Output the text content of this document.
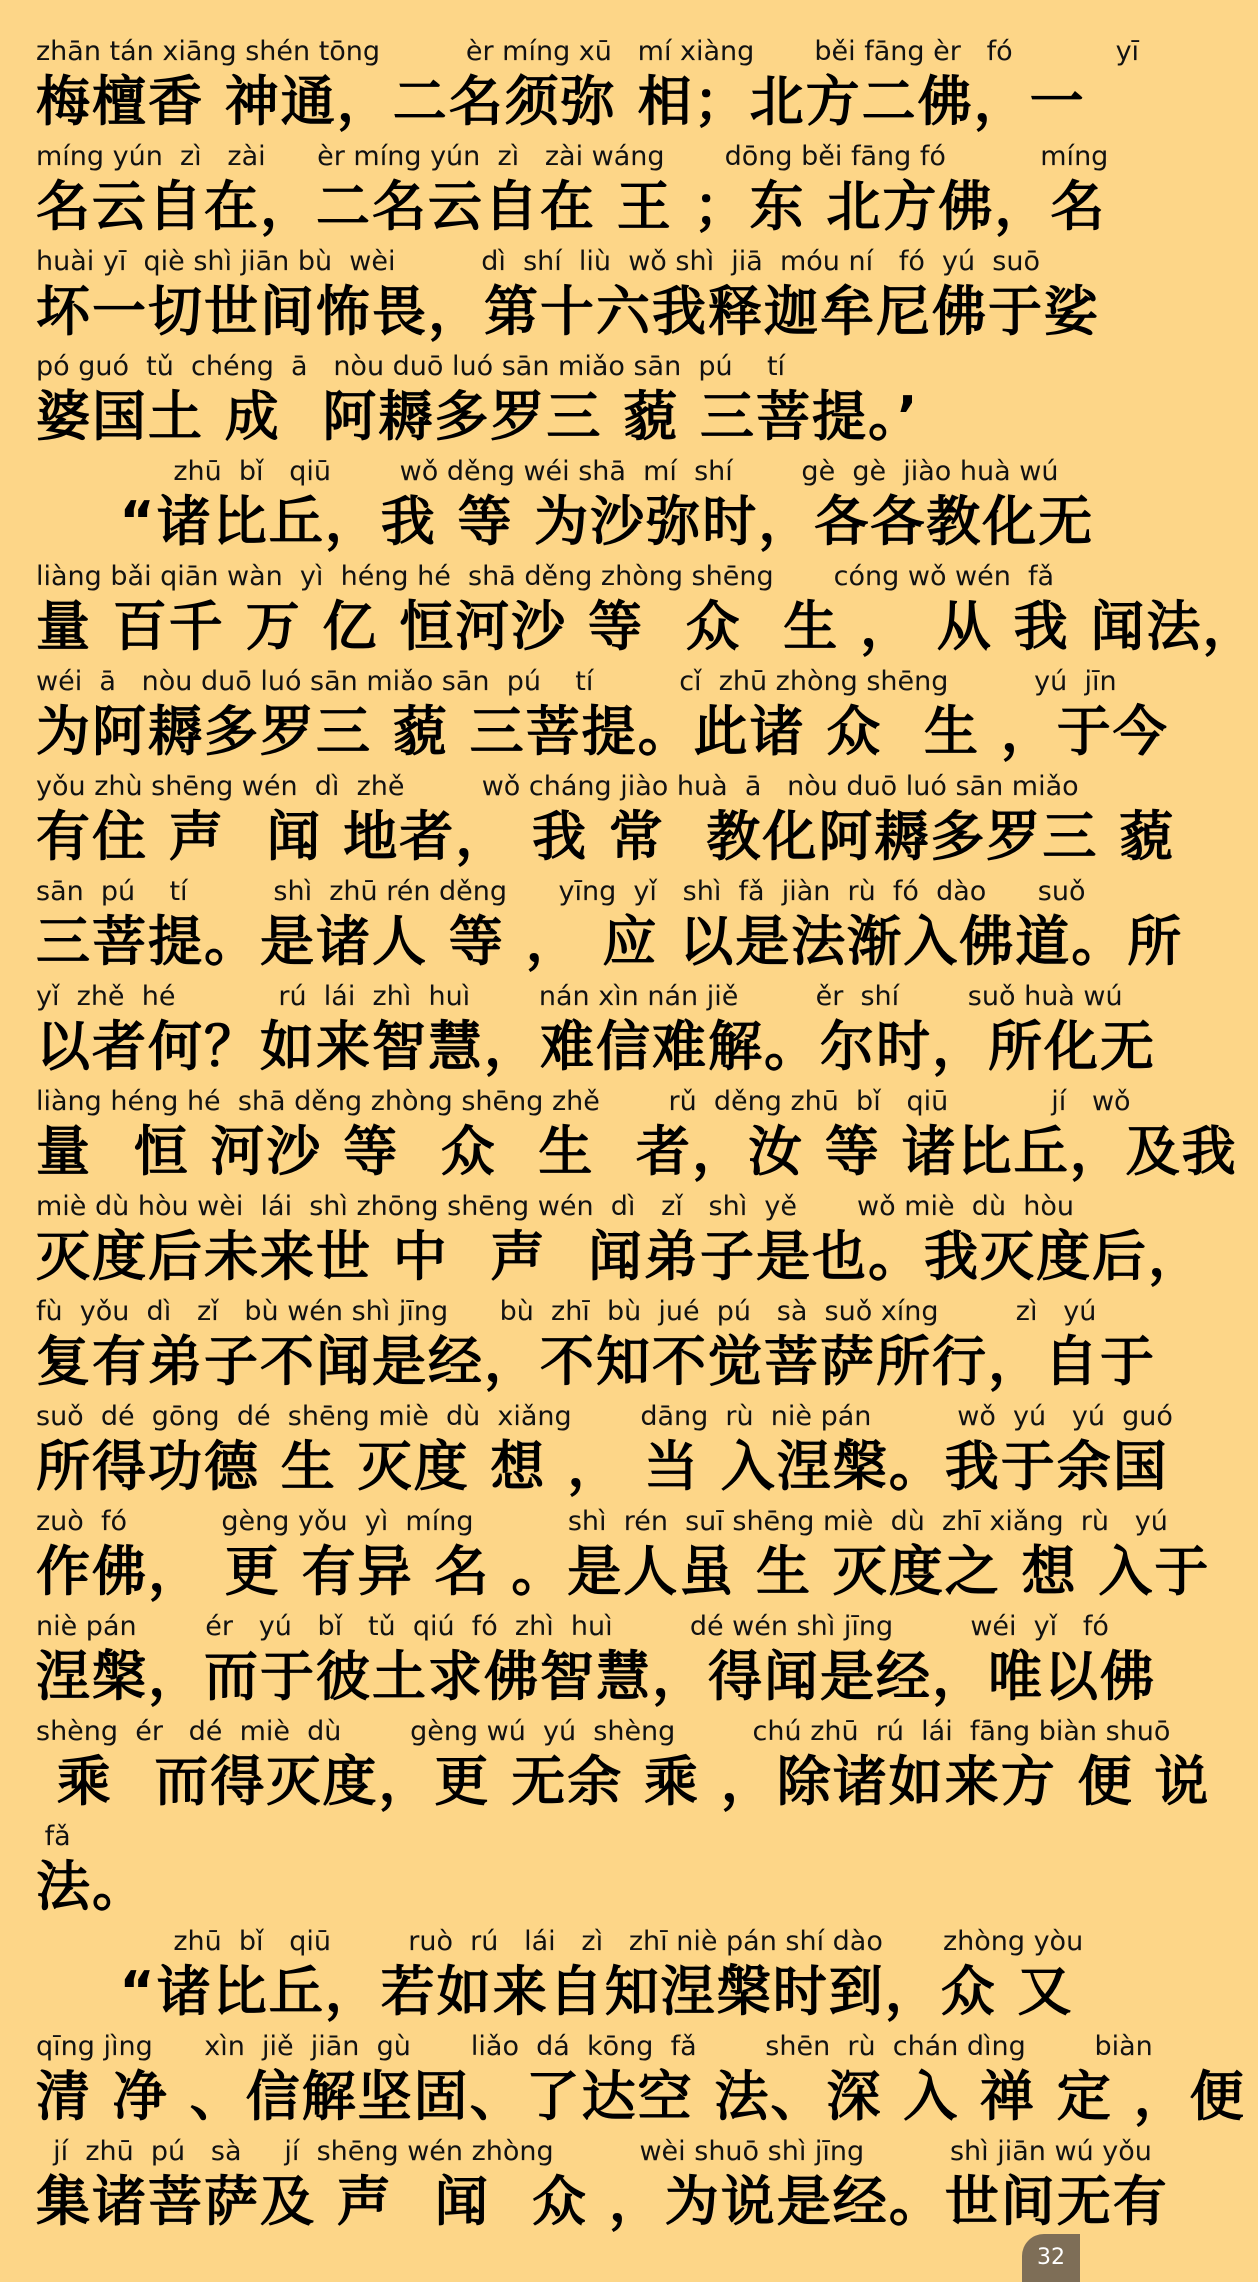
zhān tán xiāng shén tōng          èr míng xū   mí xiàng       běi fāng èr   fó            yī
梅檀香 神通，二名须弥 相；北方二佛，一
míng yún  zì   zài      èr míng yún  zì   zài wáng       dōng běi fāng fó           míng
名云自在，二名云自在 王 ；东 北方佛，名
huài yī  qiè shì jiān bù  wèi          dì  shí  liù  wǒ shì  jiā  móu ní   fó  yú  suō
坏一切世间怖畏，第十六我释迦牟尼佛于娑
pó guó  tǔ  chéng  ā   nòu duō luó sān miǎo sān  pú    tí
婆国土 成  阿耨多罗三 藐 三菩提。’
zhū  bǐ   qiū        wǒ děng wéi shā  mí  shí        gè  gè  jiào huà wú
“诸比丘，我 等 为沙弥时，各各教化无
liàng bǎi qiān wàn  yì  héng hé  shā děng zhòng shēng       cóng wǒ wén  fǎ
量 百千 万 亿 恒河沙 等  众  生 ， 从 我 闻法，
wéi  ā   nòu duō luó sān miǎo sān  pú    tí          cǐ  zhū zhòng shēng          yú  jīn
为阿耨多罗三 藐 三菩提。此诸 众  生 ，于今
yǒu zhù shēng wén  dì  zhě         wǒ cháng jiào huà  ā   nòu duō luó sān miǎo
有住 声  闻 地者， 我 常  教化阿耨多罗三 藐
sān  pú    tí          shì  zhū rén děng      yīng  yǐ   shì  fǎ  jiàn  rù  fó  dào      suǒ
三菩提。是诸人 等 ， 应 以是法渐入佛道。所
yǐ  zhě  hé            rú  lái  zhì  huì        nán xìn nán jiě         ěr  shí        suǒ huà wú
以者何？如来智慧，难信难解。尔时，所化无
liàng héng hé  shā děng zhòng shēng zhě        rǔ  děng zhū  bǐ   qiū            jí   wǒ
量  恒 河沙 等  众  生  者，汝 等 诸比丘，及我
miè dù hòu wèi  lái  shì zhōng shēng wén  dì   zǐ   shì  yě       wǒ miè  dù  hòu
灭度后未来世 中  声  闻弟子是也。我灭度后，
fù  yǒu  dì   zǐ   bù wén shì jīng      bù  zhī  bù  jué  pú   sà  suǒ xíng         zì   yú
复有弟子不闻是经，不知不觉菩萨所行，自于
suǒ  dé  gōng  dé  shēng miè  dù  xiǎng        dāng  rù  niè pán          wǒ  yú   yú  guó
所得功德 生 灭度 想 ， 当 入涅槃。我于余国
zuò  fó           gèng yǒu  yì  míng           shì  rén  suī shēng miè  dù  zhī xiǎng  rù   yú
作佛， 更 有异 名 。是人虽 生 灭度之 想 入于
niè pán        ér   yú   bǐ   tǔ  qiú  fó  zhì  huì         dé wén shì jīng         wéi  yǐ   fó
涅槃，而于彼土求佛智慧，得闻是经，唯以佛
shèng  ér   dé  miè  dù        gèng wú  yú  shèng         chú zhū  rú  lái  fāng biàn shuō
乘  而得灭度，更 无余 乘 ，除诸如来方 便 说
fǎ
法。
zhū  bǐ   qiū         ruò  rú   lái   zì   zhī niè pán shí dào       zhòng yòu
“诸比丘，若如来自知涅槃时到，众 又
qīng jìng      xìn  jiě  jiān  gù       liǎo  dá  kōng  fǎ        shēn  rù  chán dìng        biàn
清 净 、信解坚固、了达空 法、深 入 禅 定 ，便
jí  zhū  pú   sà     jí  shēng wén zhòng          wèi shuō shì jīng          shì jiān wú yǒu
集诸菩萨及 声  闻  众 ，为说是经。世间无有
32
